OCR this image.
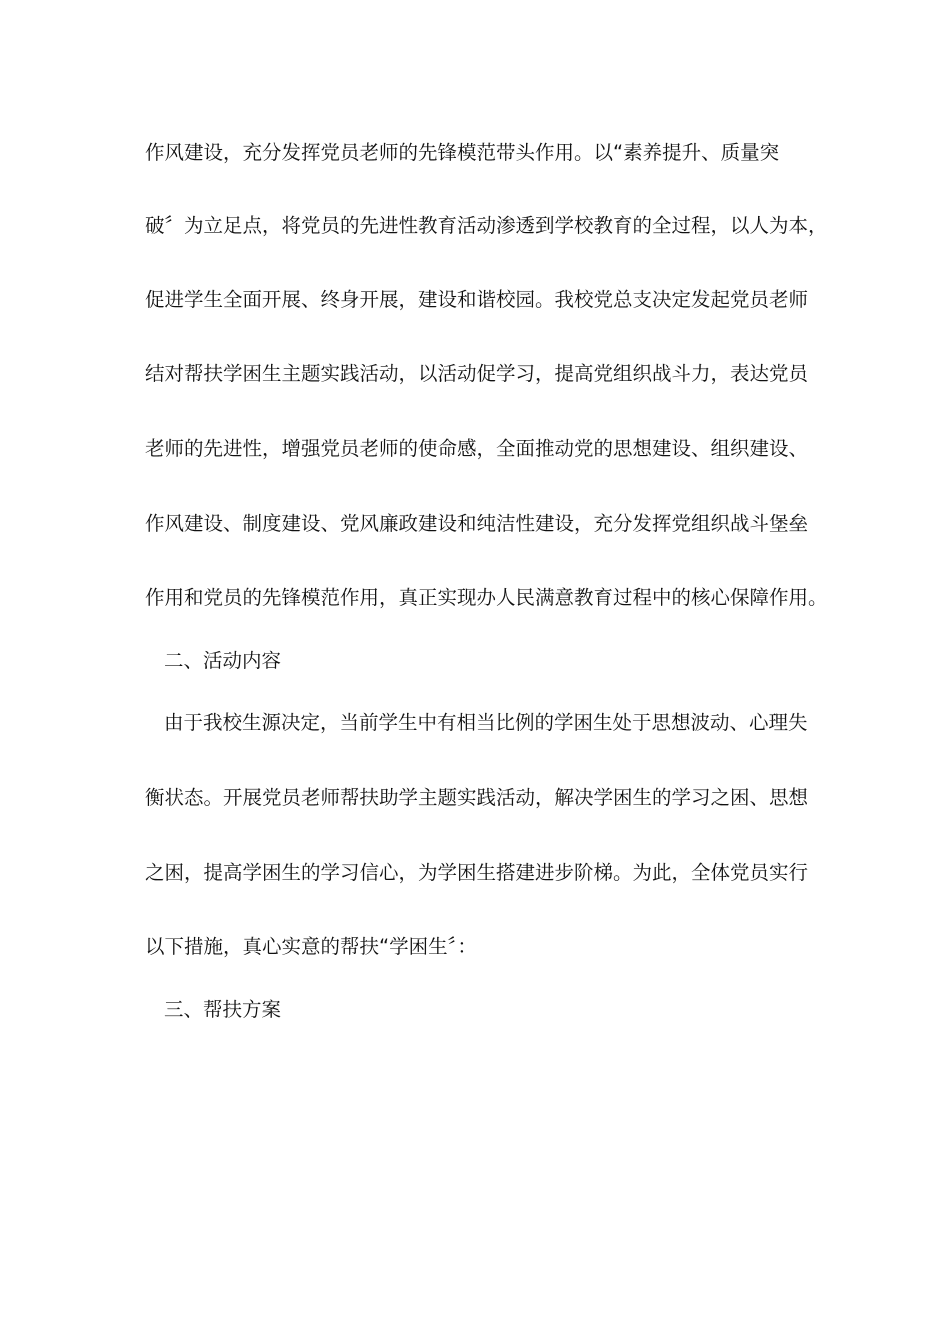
作风建设，充分发挥党员老师的先锋模范带头作用。以“素养提升、质量突
破〞为立足点，将党员的先进性教育活动渗透到学校教育的全过程，以人为本，
促进学生全面开展、终身开展，建设和谐校园。我校党总支决定发起党员老师
结对帮扶学困生主题实践活动，以活动促学习，提高党组织战斗力，表达党员
老师的先进性，增强党员老师的使命感，全面推动党的思想建设、组织建设、
作风建设、制度建设、党风廉政建设和纯洁性建设，充分发挥党组织战斗堡垒
作用和党员的先锋模范作用，真正实现办人民满意教育过程中的核心保障作用。
二、活动内容
由于我校生源决定，当前学生中有相当比例的学困生处于思想波动、心理失
衡状态。开展党员老师帮扶助学主题实践活动，解决学困生的学习之困、思想
之困，提高学困生的学习信心，为学困生搭建进步阶梯。为此，全体党员实行
以下措施，真心实意的帮扶“学困生〞：
三、帮扶方案
